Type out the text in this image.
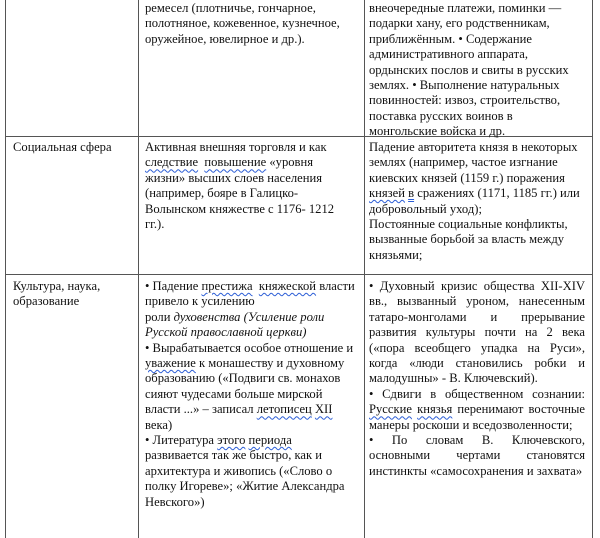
ремесел (плотничье, гончарное, полотняное, кожевенное, кузнечное, оружейное, ювелирное и др.).

внеочередные платежи, поминки — подарки хану, его родственникам, приближённым. • Содержание административного аппарата, ордынских послов и свиты в русских землях. • Выполнение натуральных повинностей: извоз, строительство, поставка русских воинов в монгольские войска и др.

Социальная сфера	Активная внешняя торговля и как следствие повышение «уровня жизни» высших слоев населения (например, бояре в Галицко-Волынском княжестве с 1176- 1212 гг.).

Падение авторитета князя в некоторых землях (например, частое изгнание киевских князей (1159 г.) поражения князей в сражениях (1171, 1185 гг.) или добровольный уход);

Постоянные социальные конфликты, вызванные борьбой за власть между князьями;

Культура, наука, образование

• Падение престижа княжеской власти привело к усилению
роли духовенства (Усиление роли Русской православной церкви)

• Вырабатывается особое отношение и уважение к монашеству и духовному образованию («Подвиги св. монахов сияют чудесами больше мирской власти ...» – записал летописец XII века)

• Литература этого периода развивается так же быстро, как и архитектура и живопись («Слово о полку Игореве»; «Житие Александра Невского»)

• Духовный кризис общества XII-XIV вв., вызванный уроном, нанесенным татаро-монголами и прерывание развития культуры почти на 2 века («пора всеобщего упадка на Руси», когда «люди становились робки и малодушны» - В. Ключевский).

• Сдвиги в общественном сознании: Русские князья перенимают восточные манеры роскоши и вседозволенности;

• По словам В. Ключевского, основными чертами становятся инстинкты «самосохранения и захвата»
